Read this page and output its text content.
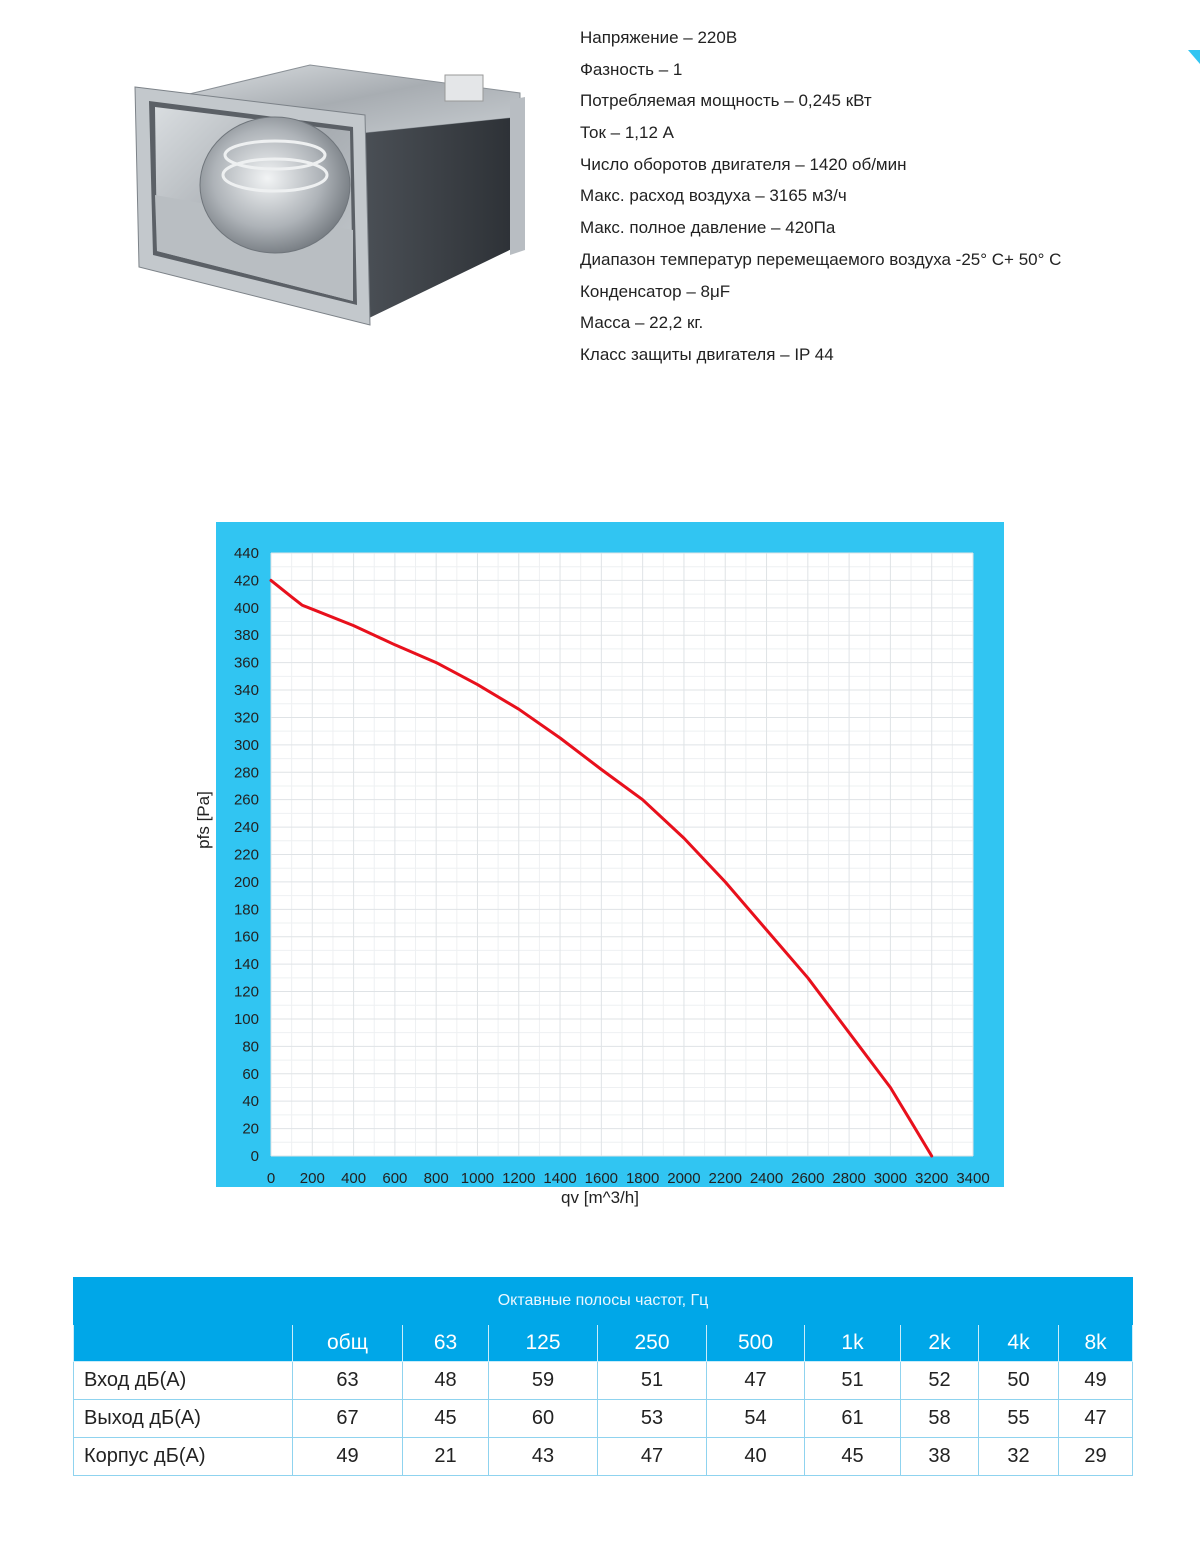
Напряжение – 220В
Фазность – 1
Потребляемая мощность – 0,245 кВт
Ток – 1,12 А
Число оборотов двигателя – 1420 об/мин
Макс. расход воздуха – 3165 м3/ч
Макс. полное давление – 420Па
Диапазон температур перемещаемого воздуха -25° С+ 50° С
Конденсатор – 8μF
Масса – 22,2 кг.
Класс защиты двигателя – IP 44
0 200 400 600 800 1000 1200 1400 1600 1800 2000 2200 2400 2600 2800 3000 3200 3400
0
20
40
60
80
100
120
140
160
180
200
220
240
260
280
300
320
340
360
380
400
420
440
qv [m^3/h]
pfs [Pa]
Октавные полосы частот, Гц									
	общ	63	125	250	500	1k	2k	4k	8k
Вход дБ(А)	63	48	59	51	47	51	52	50	49
Выход дБ(А)	67	45	60	53	54	61	58	55	47
Корпус дБ(А)	49	21	43	47	40	45	38	32	29
